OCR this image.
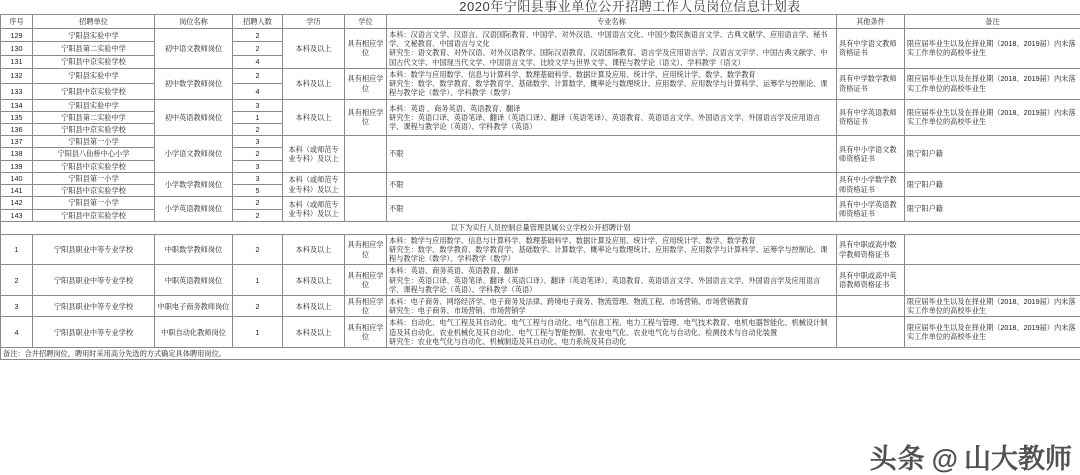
2020年宁阳县事业单位公开招聘工作人员岗位信息计划表
序号	招聘单位	岗位名称	招聘人数	学历	学位	专业名称	其他条件	备注
129	宁阳县实验中学	初中语文教师岗位	2	本科及以上	具有相应学位	本科：汉语言文学、汉语言、汉语国际教育、中国学、对外汉语、中国语言文化、中国少数民族语言文学、古典文献学、应用语言学、秘书学、文秘教育、中国语言与文化
研究生：语文教育、对外汉语、对外汉语教学、国际汉语教育、汉语国际教育、语言学及应用语言学、汉语言文字学、中国古典文献学、中国古代文学、中国现当代文学、中国语言文学、比较文学与世界文学、课程与教学论（语文）、学科教学（语文）	具有中学语文教师资格证书	限应届毕业生以及在择业期（2018、2019届）内未落实工作单位的高校毕业生
130	宁阳县第二实验中学		2					
131	宁阳县中京实验学校		4					
132	宁阳县实验中学	初中数学教师岗位	2	本科及以上	具有相应学位	本科：数学与应用数学、信息与计算科学、数理基础科学、数据计算及应用、统计学、应用统计学、数学、数学教育
研究生：数学、数学教育、数学教育学、基础数学、计算数学、概率论与数理统计、应用数学、应用数学与计算科学、运筹学与控制论、课程与教学论（数学）、学科教学（数学）	具有中学数学教师资格证书	限应届毕业生以及在择业期（2018、2019届）内未落实工作单位的高校毕业生
133	宁阳县中京实验学校		4					
134	宁阳县实验中学	初中英语教师岗位	3	本科及以上	具有相应学位	本科：英语 、商务英语、英语教育、翻译
研究生：英语口译、英语笔译、翻译（英语口译）、翻译（英语笔译）、英语教育、英语语言文学、外国语言文学、外国语言学及应用语言学、课程与教学论（英语）、学科教学（英语）	具有中学英语教师资格证书	限应届毕业生以及在择业期（2018、2019届）内未落实工作单位的高校毕业生
135	宁阳县第二实验中学		1					
136	宁阳县中京实验学校		2					
137	宁阳县第一小学	小学语文教师岗位	3	本科（或师范专业专科）及以上		不限	具有中小学语文教师资格证书	限宁阳户籍
138	宁阳县八仙桥中心小学		2					
139	宁阳县中京实验学校		3					
140	宁阳县第一小学	小学数学教师岗位	3	本科（或师范专业专科）及以上		不限	具有中小学数学教师资格证书	限宁阳户籍
141	宁阳县中京实验学校		5					
142	宁阳县第一小学	小学英语教师岗位	2	本科（或师范专业专科）及以上		不限	具有中小学英语教师资格证书	限宁阳户籍
143	宁阳县中京实验学校		2					
以下为实行人员控制总量管理县属公立学校公开招聘计划								
1	宁阳县职业中等专业学校	中职数学教师岗位	2	本科及以上	具有相应学位	本科：数学与应用数学、信息与计算科学、数理基础科学、数据计算及应用、统计学、应用统计学、数学、数学教育
研究生：数学、数学教育、数学教育学、基础数学、计算数学、概率论与数理统计、应用数学、应用数学与计算科学、运筹学与控制论、课程与教学论（数学）、学科教学（数学）	具有中职或高中数学教师资格证书	
2	宁阳县职业中等专业学校	中职英语教师岗位	1	本科及以上	具有相应学位	本科：英语、商务英语、英语教育、翻译
研究生：英语口译、英语笔译、翻译（英语口译）、翻译（英语笔译）、英语教育、英语语言文学、外国语言文学、外国语言学及应用语言学、课程与教学论（英语）、学科教学（英语）	具有中职或高中英语教师资格证书	
3	宁阳县职业中等专业学校	中职电子商务教师岗位	2	本科及以上	具有相应学位	本科：电子商务、网络经济学、电子商务及法律、跨境电子商务、物流管理、物流工程、市场营销、市场营销教育
研究生：电子商务、市场营销、市场营销学		限应届毕业生以及在择业期（2018、2019届）内未落实工作单位的高校毕业生
4	宁阳县职业中等专业学校	中职自动化教师岗位	1	本科及以上	具有相应学位	本科：自动化、电气工程及其自动化、电气工程与自动化、电气信息工程、电力工程与管理、电气技术教育、电机电器智能化、机械设计制造及其自动化、农业机械化及其自动化、电气工程与智能控制、农业电气化、农业电气化与自动化、检测技术与自动化装置
研究生：农业电气化与自动化、机械制造及其自动化、电力系统及其自动化		限应届毕业生以及在择业期（2018、2019届）内未落实工作单位的高校毕业生
备注：合并招聘岗位，聘用时采用高分先选的方式确定具体聘用岗位。								
头条 @ 山大教师
